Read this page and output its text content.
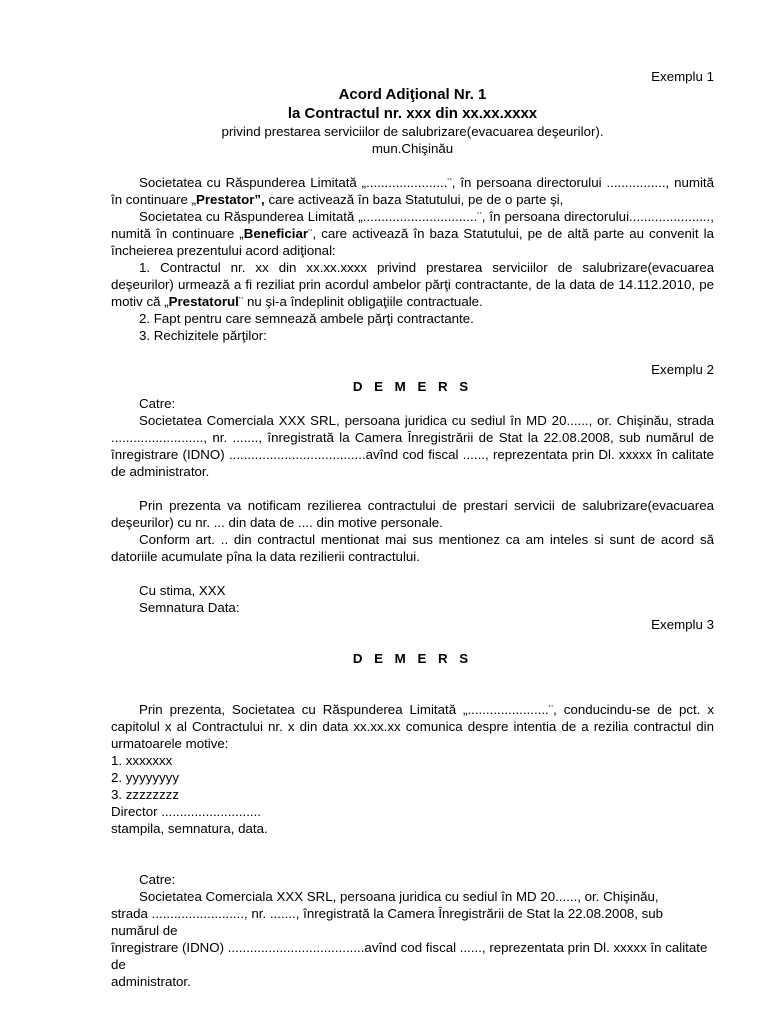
Exemplu 1

Acord Adiţional Nr. 1

la Contractul nr. xxx din xx.xx.xxxx

privind prestarea serviciilor de salubrizare(evacuarea deşeurilor).

mun.Chişinău

Societatea cu Răspunderea Limitată „......................¨, în persoana directorului ................, numită în continuare „Prestator”, care activează în baza Statutului, pe de o parte şi,

Societatea cu Răspunderea Limitată „...............................¨, în persoana directorului......................, numită în continuare „Beneficiar¨, care activează în baza Statutului, pe de altă parte au convenit la încheierea prezentului acord adiţional:

1. Contractul nr. xx din xx.xx.xxxx privind prestarea serviciilor de salubrizare(evacuarea deşeurilor) urmează a fi reziliat prin acordul ambelor părţi contractante, de la data de 14.112.2010, pe motiv că „Prestatorul¨ nu şi-a îndeplinit obligaţiile contractuale.

2. Fapt pentru care semnează ambele părţi contractante.

3. Rechizitele părţilor:

Exemplu 2

D E M E R S

Catre:

Societatea Comerciala XXX SRL, persoana juridica cu sediul în MD 20......, or. Chişinău, strada ........................., nr. ......., înregistrată la Camera Înregistrării de Stat la 22.08.2008, sub numărul de înregistrare (IDNO) .....................................avînd cod fiscal ......, reprezentata prin Dl. xxxxx în calitate de administrator.

Prin prezenta va notificam rezilierea contractului de prestari servicii de salubrizare(evacuarea deşeurilor) cu nr. ... din data de .... din motive personale.

Conform art. .. din contractul mentionat mai sus mentionez ca am inteles si sunt de acord să datoriile acumulate pîna la data rezilierii contractului.

Cu stima, XXX

Semnatura Data:

Exemplu 3

D E M E R S

Prin prezenta, Societatea cu Răspunderea Limitată „......................¨, conducindu-se de pct. x capitolul x al Contractului nr. x din data xx.xx.xx comunica despre intentia de a rezilia contractul din urmatoarele motive:

1. xxxxxxx

2. yyyyyyyy

3. zzzzzzzz

Director ...........................

stampila, semnatura, data.

Catre:

Societatea Comerciala XXX SRL, persoana juridica cu sediul în MD 20......, or. Chişinău,

strada ........................., nr. ......., înregistrată la Camera Înregistrării de Stat la 22.08.2008, sub numărul de

înregistrare (IDNO) .....................................avînd cod fiscal ......, reprezentata prin Dl. xxxxx în calitate de

administrator.
